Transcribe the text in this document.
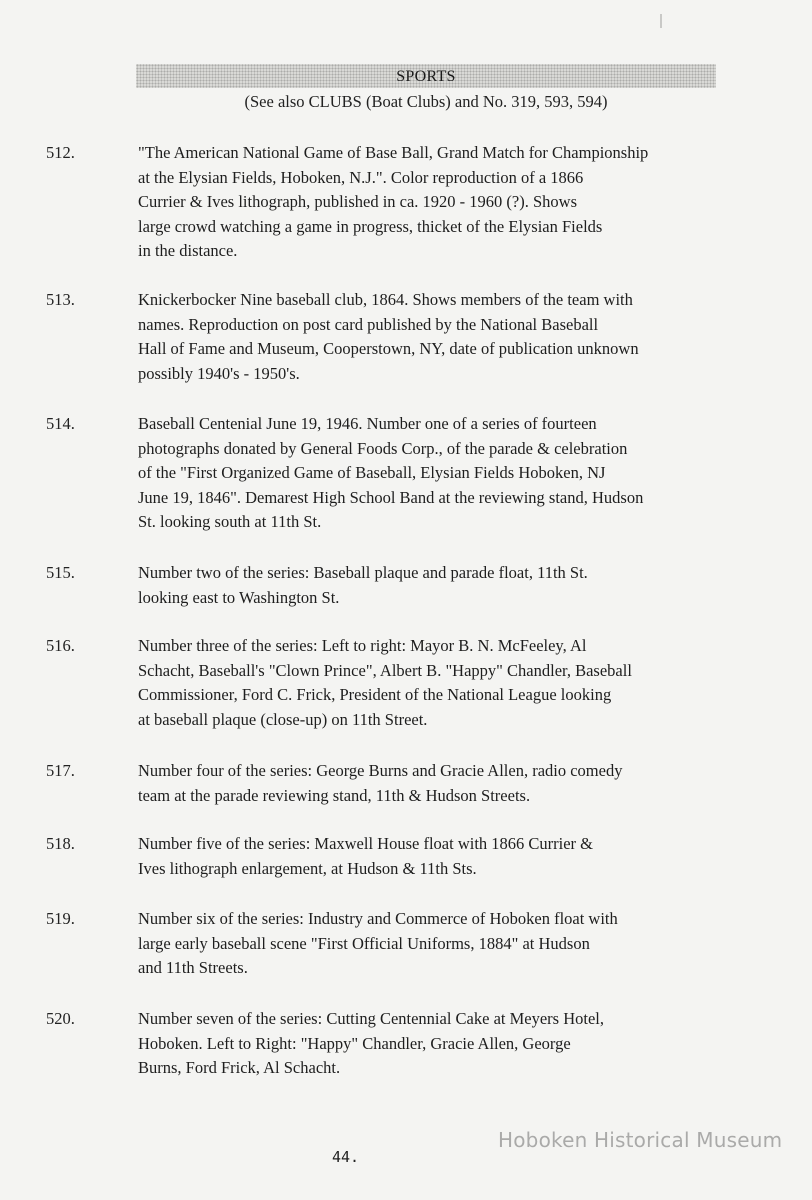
SPORTS
(See also CLUBS (Boat Clubs) and No. 319, 593, 594)
512.	"The American National Game of Base Ball, Grand Match for Championship
at the Elysian Fields, Hoboken, N.J.". Color reproduction of a 1866
Currier & Ives lithograph, published in ca. 1920 - 1960 (?). Shows
large crowd watching a game in progress, thicket of the Elysian Fields
in the distance.
513.	Knickerbocker Nine baseball club, 1864. Shows members of the team with
names. Reproduction on post card published by the National Baseball
Hall of Fame and Museum, Cooperstown, NY, date of publication unknown
possibly 1940's - 1950's.
514.	Baseball Centenial June 19, 1946. Number one of a series of fourteen
photographs donated by General Foods Corp., of the parade & celebration
of the "First Organized Game of Baseball, Elysian Fields Hoboken, NJ
June 19, 1846". Demarest High School Band at the reviewing stand, Hudson
St. looking south at 11th St.
515.	Number two of the series: Baseball plaque and parade float, 11th St.
looking east to Washington St.
516.	Number three of the series: Left to right: Mayor B. N. McFeeley, Al
Schacht, Baseball's "Clown Prince", Albert B. "Happy" Chandler, Baseball
Commissioner, Ford C. Frick, President of the National League looking
at baseball plaque (close-up) on 11th Street.
517.	Number four of the series: George Burns and Gracie Allen, radio comedy
team at the parade reviewing stand, 11th & Hudson Streets.
518.	Number five of the series: Maxwell House float with 1866 Currier &
Ives lithograph enlargement, at Hudson & 11th Sts.
519.	Number six of the series: Industry and Commerce of Hoboken float with
large early baseball scene "First Official Uniforms, 1884" at Hudson
and 11th Streets.
520.	Number seven of the series: Cutting Centennial Cake at Meyers Hotel,
Hoboken. Left to Right: "Happy" Chandler, Gracie Allen, George
Burns, Ford Frick, Al Schacht.
Hoboken Historical Museum
44.
